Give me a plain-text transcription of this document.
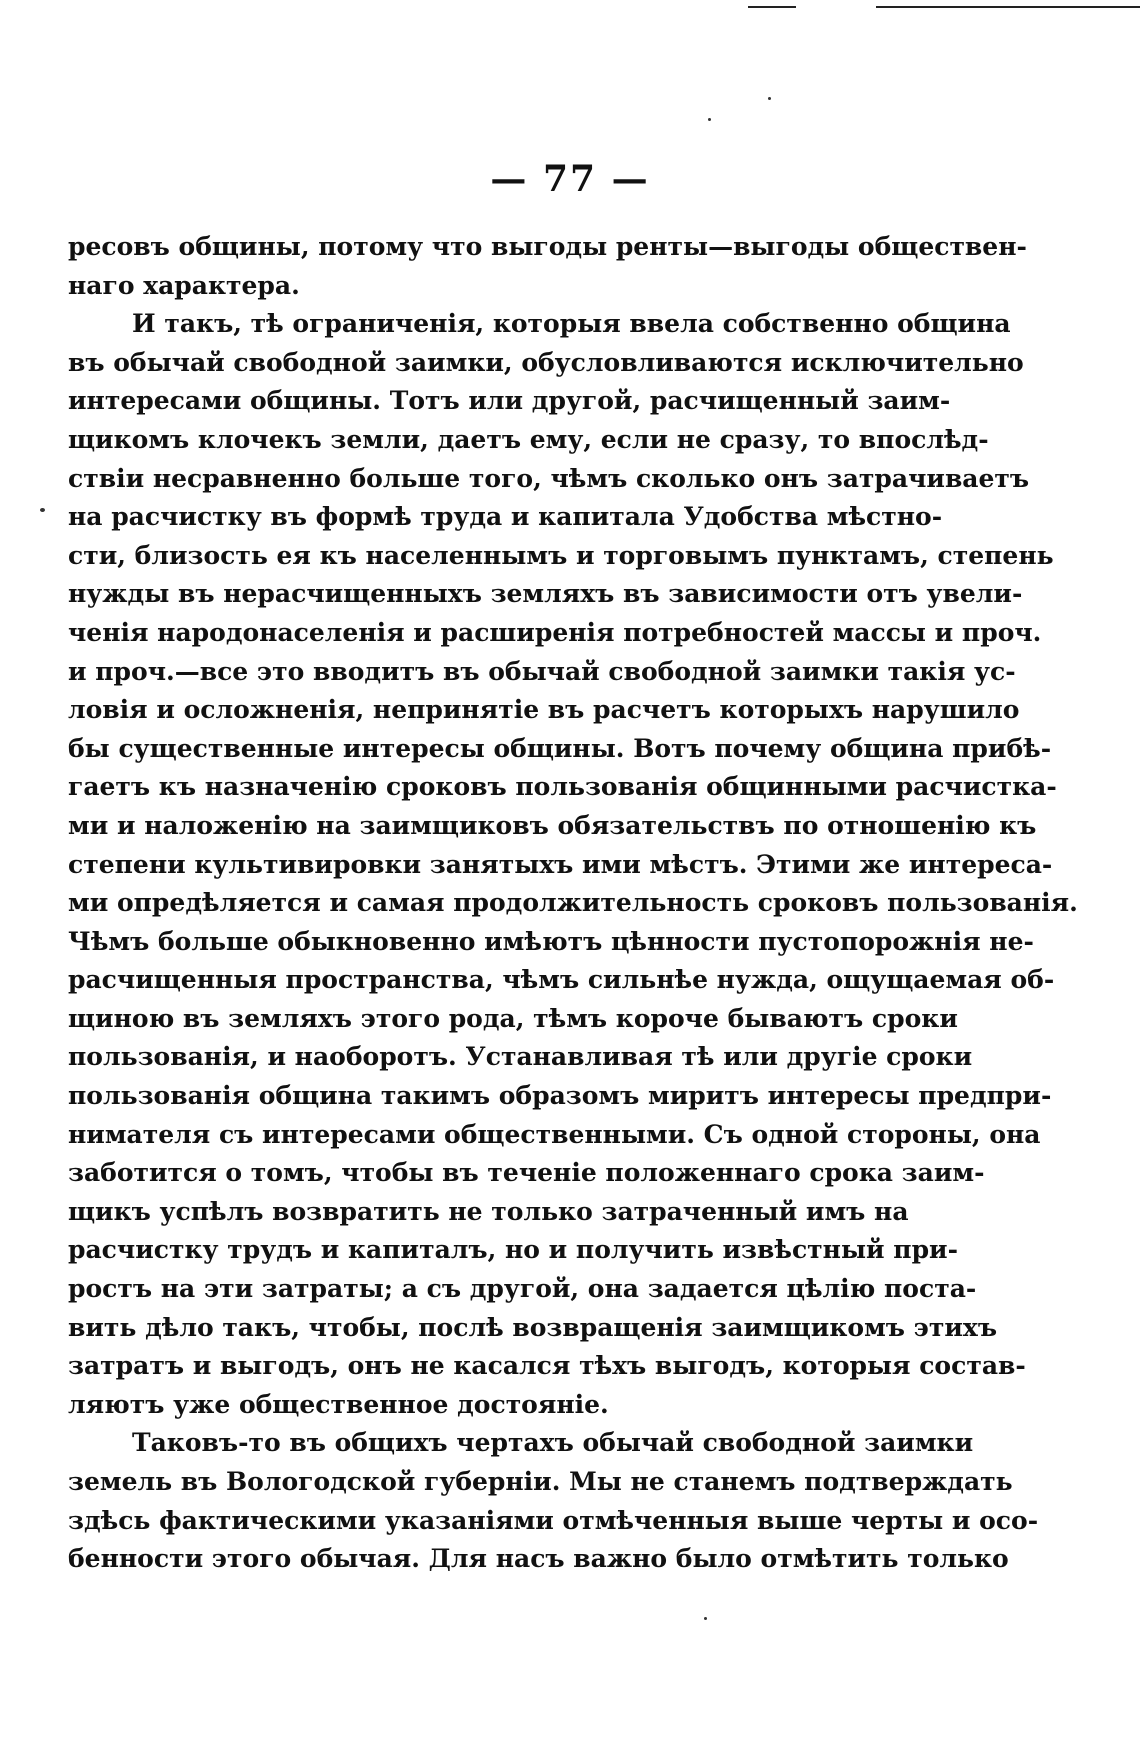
— 77 —
ресовъ общины, потому что выгоды ренты—выгоды обществен-
наго характера.
И такъ, тѣ ограниченія, которыя ввела собственно община
въ обычай свободной заимки, обусловливаются исключительно
интересами общины. Тотъ или другой, расчищенный заим-
щикомъ клочекъ земли, даетъ ему, если не сразу, то впослѣд-
ствіи несравненно больше того, чѣмъ сколько онъ затрачиваетъ
на расчистку въ формѣ труда и капитала Удобства мѣстно-
сти, близость ея къ населеннымъ и торговымъ пунктамъ, степень
нужды въ нерасчищенныхъ земляхъ въ зависимости отъ увели-
ченія народонаселенія и расширенія потребностей массы и проч.
и проч.—все это вводитъ въ обычай свободной заимки такія ус-
ловія и осложненія, непринятіе въ расчетъ которыхъ нарушило
бы существенные интересы общины. Вотъ почему община прибѣ-
гаетъ къ назначенію сроковъ пользованія общинными расчистка-
ми и наложенію на заимщиковъ обязательствъ по отношенію къ
степени культивировки занятыхъ ими мѣстъ. Этими же интереса-
ми опредѣляется и самая продолжительность сроковъ пользованія.
Чѣмъ больше обыкновенно имѣютъ цѣнности пустопорожнія не-
расчищенныя пространства, чѣмъ сильнѣе нужда, ощущаемая об-
щиною въ земляхъ этого рода, тѣмъ короче бываютъ сроки
пользованія, и наоборотъ. Устанавливая тѣ или другіе сроки
пользованія община такимъ образомъ миритъ интересы предпри-
нимателя съ интересами общественными. Съ одной стороны, она
заботится о томъ, чтобы въ теченіе положеннаго срока заим-
щикъ успѣлъ возвратить не только затраченный имъ на
расчистку трудъ и капиталъ, но и получить извѣстный при-
ростъ на эти затраты; а съ другой, она задается цѣлію поста-
вить дѣло такъ, чтобы, послѣ возвращенія заимщикомъ этихъ
затратъ и выгодъ, онъ не касался тѣхъ выгодъ, которыя состав-
ляютъ уже общественное достояніе.
Таковъ-то въ общихъ чертахъ обычай свободной заимки
земель въ Вологодской губерніи. Мы не станемъ подтверждать
здѣсь фактическими указаніями отмѣченныя выше черты и осо-
бенности этого обычая. Для насъ важно было отмѣтить только
